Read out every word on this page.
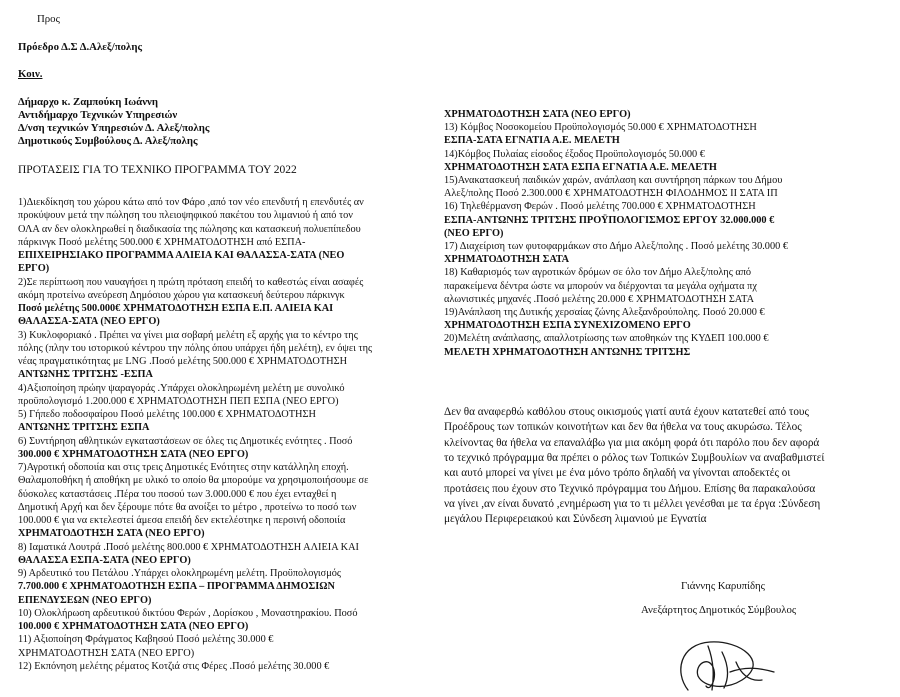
Προς
Πρόεδρο Δ.Σ Δ.Αλεξ/πολης
Κοιν.
Δήμαρχο κ. Ζαμπούκη Ιωάννη
Αντιδήμαρχο Τεχνικών Υπηρεσιών
Δ/νση τεχνικών Υπηρεσιών Δ. Αλεξ/πολης
Δημοτικούς Συμβούλους Δ. Αλεξ/πολης
ΠΡΟΤΑΣΕΙΣ ΓΙΑ ΤΟ ΤΕΧΝΙΚΟ ΠΡΟΓΡΑΜΜΑ ΤΟΥ 2022
1)Διεκδίκηση του χώρου κάτω από τον Φάρο ,από τον νέο επενδυτή η επενδυτές αν
προκύψουν μετά την πώληση του πλειοψηφικού πακέτου του λιμανιού ή από τον
ΟΛΑ αν δεν ολοκληρωθεί η διαδικασία της πώλησης και κατασκευή πολυεπίπεδου
πάρκινγκ Ποσό μελέτης 500.000 € ΧΡΗΜΑΤΟΔΟΤΗΣΗ από ΕΣΠΑ-
ΕΠΙΧΕΙΡΗΣΙΑΚΟ ΠΡΟΓΡΑΜΜΑ ΑΛΙΕΙΑ ΚΑΙ ΘΑΛΑΣΣΑ-ΣΑΤΑ (ΝΕΟ
ΕΡΓΟ)
2)Σε περίπτωση που ναυαγήσει η πρώτη πρόταση επειδή το καθεστώς είναι ασαφές
ακόμη προτείνω ανεύρεση Δημόσιου χώρου για κατασκευή δεύτερου πάρκινγκ
Ποσό μελέτης 500.000€ ΧΡΗΜΑΤΟΔΟΤΗΣΗ ΕΣΠΑ Ε.Π. ΑΛΙΕΙΑ ΚΑΙ
ΘΑΛΑΣΣΑ-ΣΑΤΑ (ΝΕΟ ΕΡΓΟ)
3) Κυκλοφοριακό . Πρέπει να γίνει μια σοβαρή μελέτη εξ αρχής για το κέντρο της
πόλης (πλην του ιστορικού κέντρου την πόλης όπου υπάρχει ήδη μελέτη), εν όψει της
νέας πραγματικότητας με LNG .Ποσό μελέτης 500.000 € ΧΡΗΜΑΤΟΔΟΤΗΣΗ
ΑΝΤΩΝΗΣ ΤΡΙΤΣΗΣ -ΕΣΠΑ
4)Αξιοποίηση πρώην ψαραγοράς .Υπάρχει ολοκληρωμένη μελέτη με συνολικό
προϋπολογισμό 1.200.000 € ΧΡΗΜΑΤΟΔΟΤΗΣΗ ΠΕΠ ΕΣΠΑ (ΝΕΟ ΕΡΓΟ)
5) Γήπεδο ποδοσφαίρου Ποσό μελέτης 100.000 € ΧΡΗΜΑΤΟΔΟΤΗΣΗ
ΑΝΤΩΝΗΣ ΤΡΙΤΣΗΣ ΕΣΠΑ
6) Συντήρηση αθλητικών εγκαταστάσεων σε όλες τις Δημοτικές ενότητες . Ποσό
300.000 € ΧΡΗΜΑΤΟΔΟΤΗΣΗ ΣΑΤΑ (ΝΕΟ ΕΡΓΟ)
7)Αγροτική οδοποιία και στις τρεις Δημοτικές Ενότητες στην κατάλληλη εποχή.
Θαλαμοποθήκη ή αποθήκη με υλικό το οποίο θα μπορούμε να χρησιμοποιήσουμε σε
δύσκολες καταστάσεις .Πέρα του ποσού των 3.000.000 € που έχει ενταχθεί η
Δημοτική Αρχή και δεν ξέρουμε πότε θα ανοίξει το μέτρο , προτείνω το ποσό των
100.000 € για να εκτελεστεί άμεσα επειδή δεν εκτελέστηκε η περσινή οδοποιία
ΧΡΗΜΑΤΟΔΟΤΗΣΗ ΣΑΤΑ (ΝΕΟ ΕΡΓΟ)
8) Ιαματικά Λουτρά .Ποσό μελέτης 800.000 € ΧΡΗΜΑΤΟΔΟΤΗΣΗ ΑΛΙΕΙΑ ΚΑΙ
ΘΑΛΑΣΣΑ ΕΣΠΑ-ΣΑΤΑ (ΝΕΟ ΕΡΓΟ)
9) Αρδευτικό του Πετάλου .Υπάρχει ολοκληρωμένη μελέτη. Προϋπολογισμός
7.700.000 € ΧΡΗΜΑΤΟΔΟΤΗΣΗ ΕΣΠΑ – ΠΡΟΓΡΑΜΜΑ ΔΗΜΟΣΙΩΝ
ΕΠΕΝΔΥΣΕΩΝ (ΝΕΟ ΕΡΓΟ)
10) Ολοκλήρωση αρδευτικού δικτύου Φερών , Δορίσκου , Μοναστηρακίου. Ποσό
100.000 € ΧΡΗΜΑΤΟΔΟΤΗΣΗ ΣΑΤΑ (ΝΕΟ ΕΡΓΟ)
11) Αξιοποίηση Φράγματος Καβησού Ποσό μελέτης 30.000 €
ΧΡΗΜΑΤΟΔΟΤΗΣΗ ΣΑΤΑ (ΝΕΟ ΕΡΓΟ)
12) Εκπόνηση μελέτης ρέματος Κοτζιά στις Φέρες .Ποσό μελέτης 30.000 €
ΧΡΗΜΑΤΟΔΟΤΗΣΗ ΣΑΤΑ (ΝΕΟ ΕΡΓΟ)
13) Κόμβος Νοσοκομείου Προϋπολογισμός 50.000 € ΧΡΗΜΑΤΟΔΟΤΗΣΗ
ΕΣΠΑ-ΣΑΤΑ ΕΓΝΑΤΙΑ Α.Ε. ΜΕΛΕΤΗ
14)Κόμβος Πυλαίας είσοδος έξοδος Προϋπολογισμός 50.000 €
ΧΡΗΜΑΤΟΔΟΤΗΣΗ ΣΑΤΑ ΕΣΠΑ ΕΓΝΑΤΙΑ Α.Ε. ΜΕΛΕΤΗ
15)Ανακατασκευή παιδικών χαρών, ανάπλαση και συντήρηση πάρκων του Δήμου
Αλεξ/πολης Ποσό 2.300.000 € ΧΡΗΜΑΤΟΔΟΤΗΣΗ ΦΙΛΟΔΗΜΟΣ ΙΙ ΣΑΤΑ ΙΠ
16) Τηλεθέρμανση Φερών . Ποσό μελέτης 700.000 € ΧΡΗΜΑΤΟΔΟΤΗΣΗ
ΕΣΠΑ-ΑΝΤΩΝΗΣ ΤΡΙΤΣΗΣ ΠΡΟΫΠΟΛΟΓΙΣΜΟΣ ΕΡΓΟΥ 32.000.000 €
(ΝΕΟ ΕΡΓΟ)
17) Διαχείριση των φυτοφαρμάκων στο Δήμο Αλεξ/πολης . Ποσό μελέτης 30.000 €
ΧΡΗΜΑΤΟΔΟΤΗΣΗ ΣΑΤΑ
18) Καθαρισμός των αγροτικών δρόμων σε όλο τον Δήμο Αλεξ/πολης από
παρακείμενα δέντρα ώστε να μπορούν να διέρχονται τα μεγάλα οχήματα πχ
αλωνιστικές μηχανές .Ποσό μελέτης 20.000 € ΧΡΗΜΑΤΟΔΟΤΗΣΗ ΣΑΤΑ
19)Ανάπλαση της Δυτικής χερσαίας ζώνης Αλεξανδρούπολης. Ποσό 20.000 €
ΧΡΗΜΑΤΟΔΟΤΗΣΗ ΕΣΠΑ ΣΥΝΕΧΙΖΟΜΕΝΟ ΕΡΓΟ
20)Μελέτη ανάπλασης, απαλλοτρίωσης των αποθηκών της ΚΥΔΕΠ 100.000 €
ΜΕΛΕΤΗ ΧΡΗΜΑΤΟΔΟΤΗΣΗ ΑΝΤΩΝΗΣ ΤΡΙΤΣΗΣ
Δεν θα αναφερθώ καθόλου στους οικισμούς γιατί αυτά έχουν κατατεθεί από τους
Προέδρους των τοπικών κοινοτήτων και δεν θα ήθελα να τους ακυρώσω. Τέλος
κλείνοντας θα ήθελα να επαναλάβω για μια ακόμη φορά ότι παρόλο που δεν αφορά
το τεχνικό πρόγραμμα θα πρέπει ο ρόλος των Τοπικών Συμβουλίων να αναβαθμιστεί
και αυτό μπορεί να γίνει με ένα μόνο τρόπο δηλαδή να γίνονται αποδεκτές οι
προτάσεις που έχουν στο Τεχνικό πρόγραμμα του Δήμου. Επίσης θα παρακαλούσα
να γίνει ,αν είναι δυνατό ,ενημέρωση για το τι μέλλει γενέσθαι με τα έργα :Σύνδεση
μεγάλου Περιφερειακού και Σύνδεση λιμανιού με Εγνατία
Γιάννης Καρυπίδης
Ανεξάρτητος Δημοτικός Σύμβουλος
